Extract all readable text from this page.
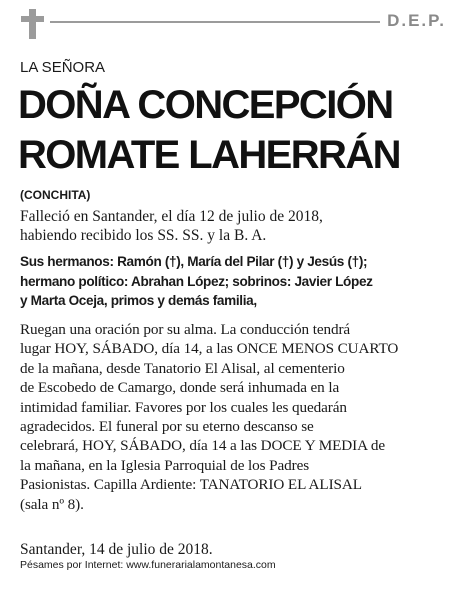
D.E.P.
LA SEÑORA
DOÑA CONCEPCIÓN
ROMATE LAHERRÁN
(CONCHITA)
Falleció en Santander, el día 12 de julio de 2018,
habiendo recibido los SS. SS. y la B. A.
Sus hermanos: Ramón (†), María del Pilar (†) y Jesús (†);
hermano político: Abrahan López; sobrinos: Javier López
y Marta Oceja, primos y demás familia,
Ruegan una oración por su alma. La conducción tendrá
lugar HOY, SÁBADO, día 14, a las ONCE MENOS CUARTO
de la mañana, desde Tanatorio El Alisal, al cementerio
de Escobedo de Camargo, donde será inhumada en la
intimidad familiar. Favores por los cuales les quedarán
agradecidos. El funeral por su eterno descanso se
celebrará, HOY, SÁBADO, día 14 a las DOCE Y MEDIA de
la mañana, en la Iglesia Parroquial de los Padres
Pasionistas. Capilla Ardiente: TANATORIO EL ALISAL
(sala nº 8).
Santander, 14 de julio de 2018.
Pésames por Internet: www.funerarialamontanesa.com
